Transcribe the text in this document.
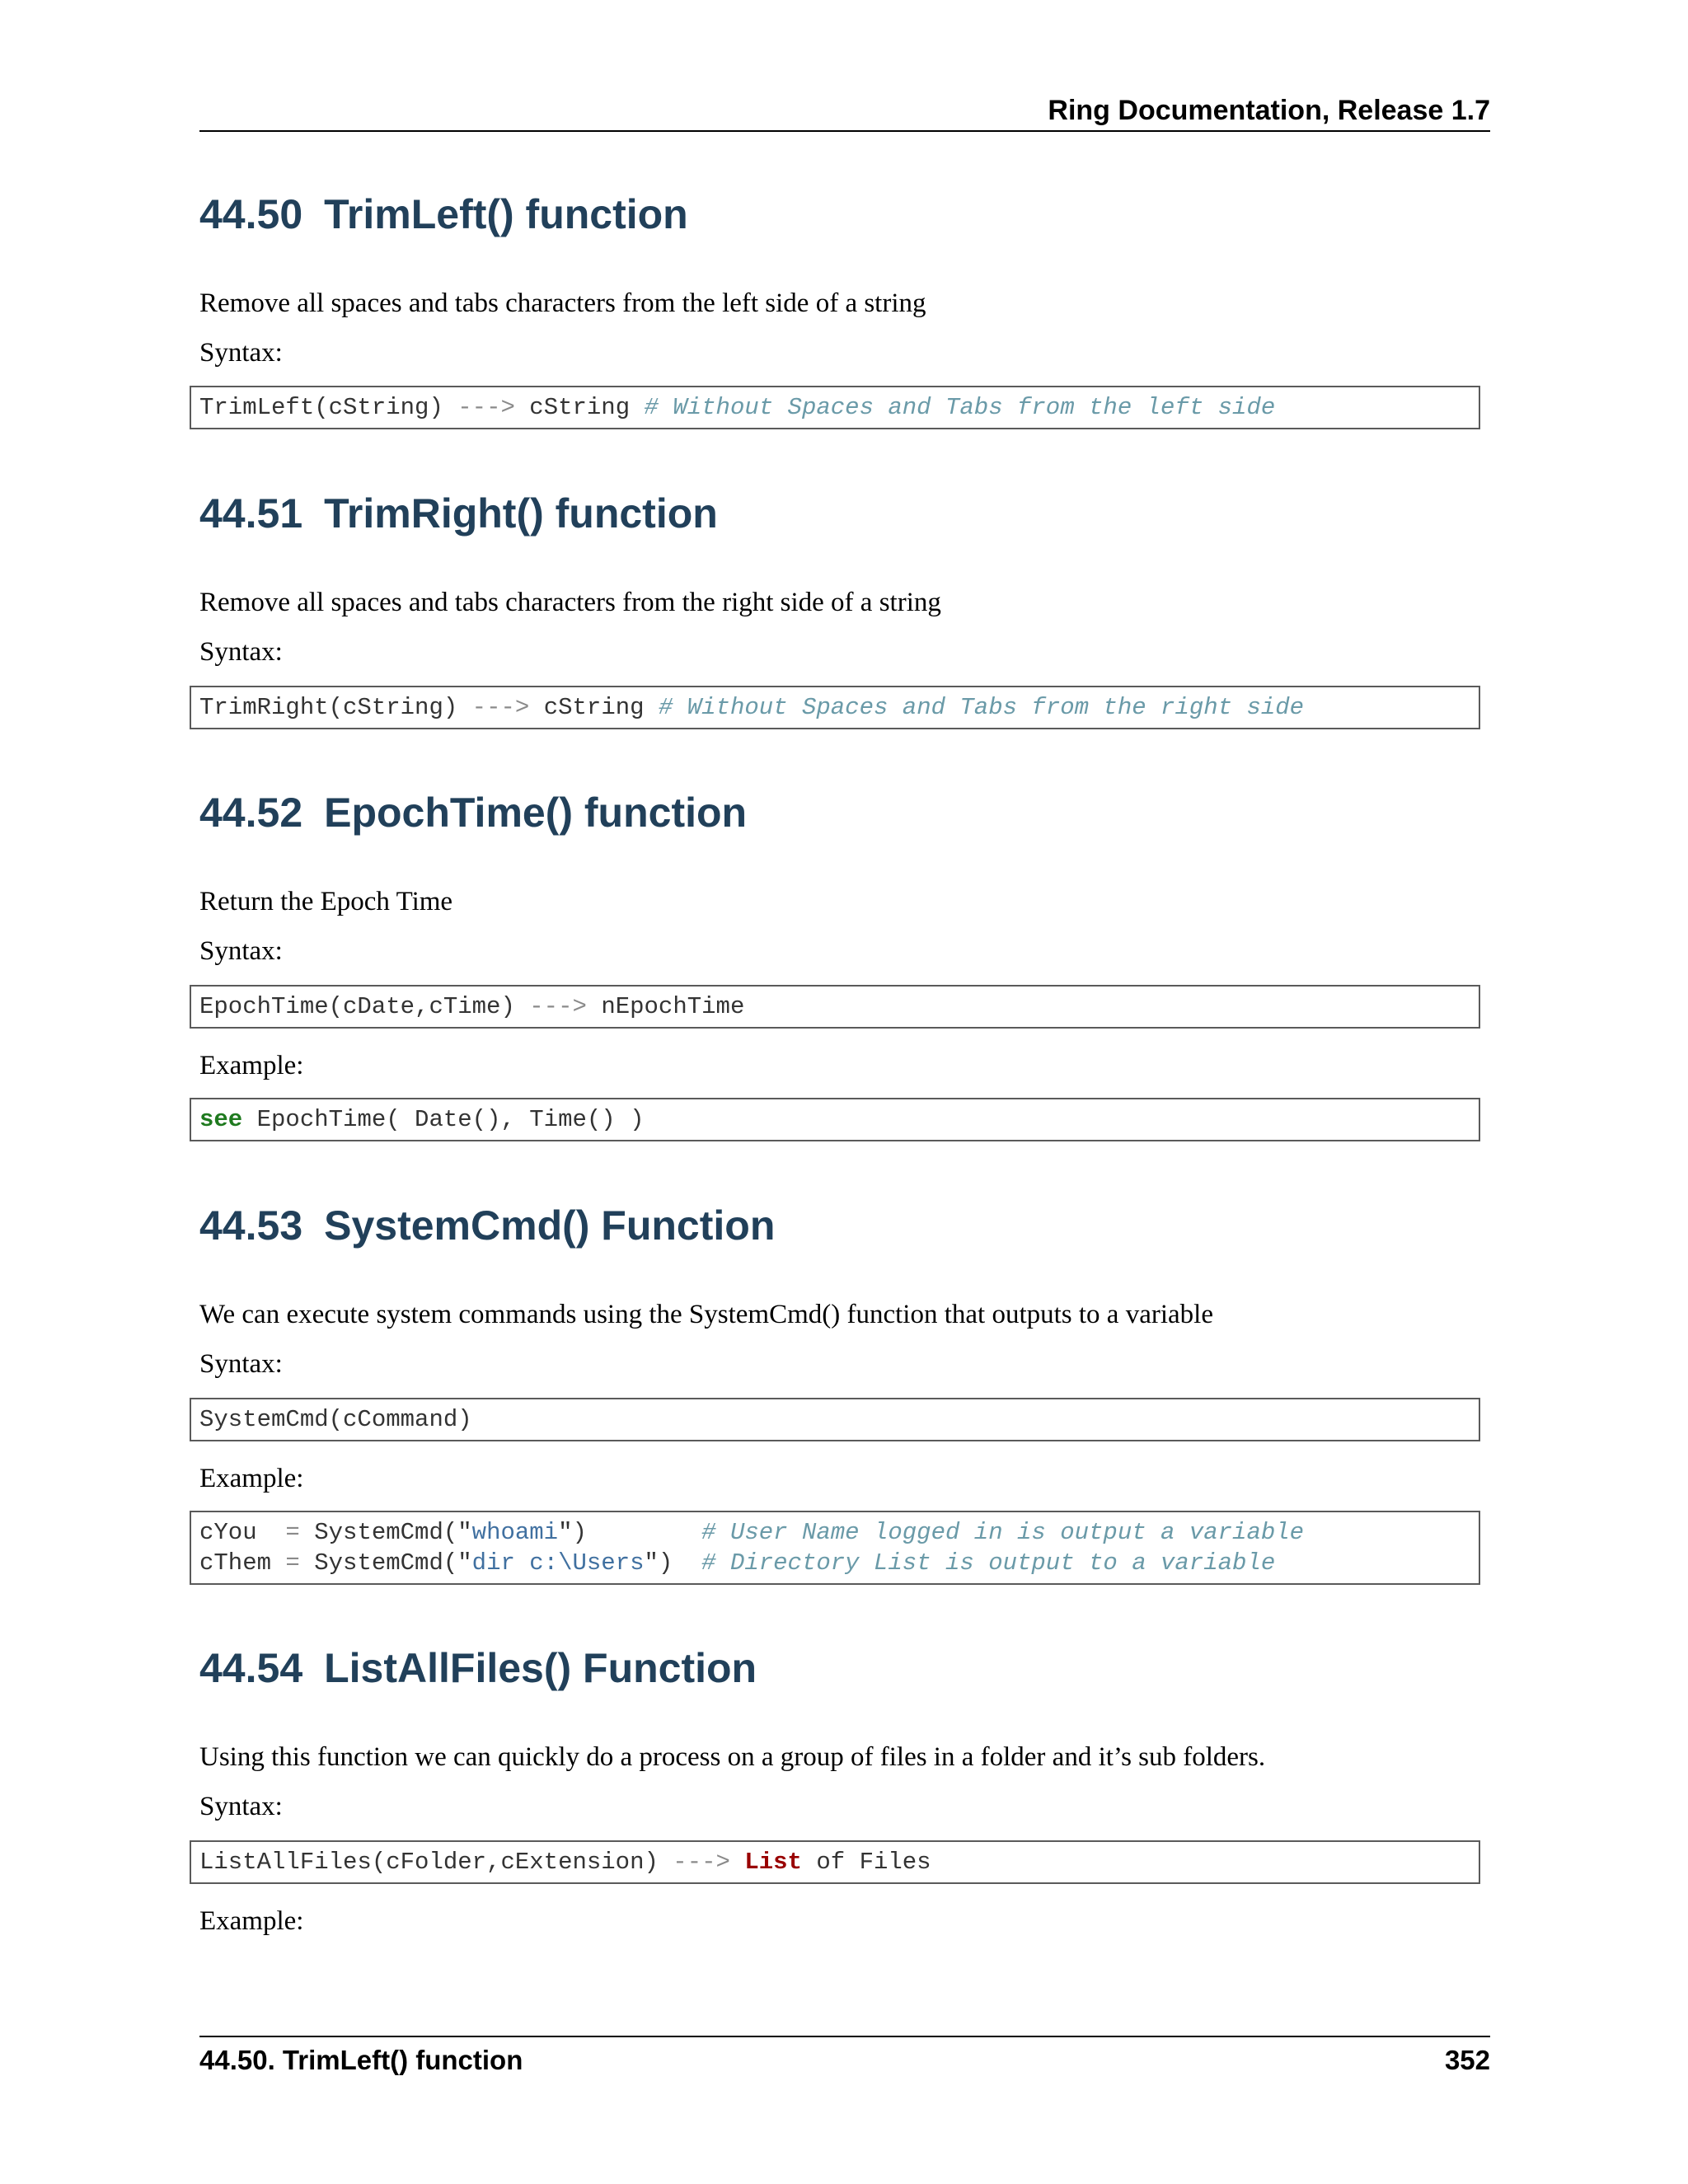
Ring Documentation, Release 1.7
44.50 TrimLeft() function

Remove all spaces and tabs characters from the left side of a string

Syntax:

TrimLeft(cString) ---> cString # Without Spaces and Tabs from the left side
44.51 TrimRight() function

Remove all spaces and tabs characters from the right side of a string

Syntax:

TrimRight(cString) ---> cString # Without Spaces and Tabs from the right side
44.52 EpochTime() function

Return the Epoch Time

Syntax:

EpochTime(cDate,cTime) ---> nEpochTime

Example:

see EpochTime( Date(), Time() )
44.53 SystemCmd() Function

We can execute system commands using the SystemCmd() function that outputs to a variable

Syntax:

SystemCmd(cCommand)

Example:

cYou  = SystemCmd("whoami")	# User Name logged in is output a variable
cThem = SystemCmd("dir c:\Users") # Directory List is output to a variable
44.54 ListAllFiles() Function

Using this function we can quickly do a process on a group of files in a folder and it’s sub folders.

Syntax:

ListAllFiles(cFolder,cExtension) ---> List of Files

Example:

44.50. TrimLeft() function	352
